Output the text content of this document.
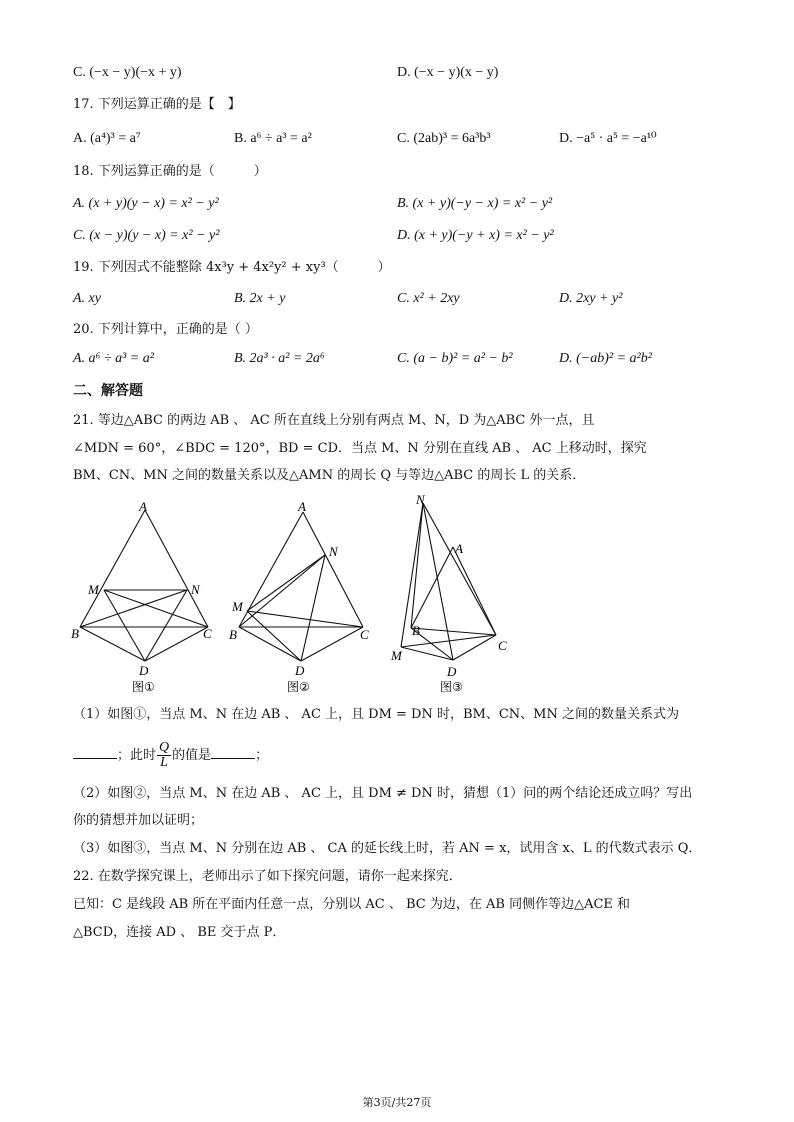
C. (−x − y)(−x + y)	D. (−x − y)(x − y)
17. 下列运算正确的是【　】
A. (a⁴)³ = a⁷	B. a⁶ ÷ a³ = a²	C. (2ab)³ = 6a³b³	D. −a⁵ · a⁵ = −a¹⁰
18. 下列运算正确的是（　　　）
A. (x + y)(y − x) = x² − y²	B. (x + y)(−y − x) = x² − y²
C. (x − y)(y − x) = x² − y²	D. (x + y)(−y + x) = x² − y²
19. 下列因式不能整除 4x³y + 4x²y² + xy³（　　　）
A. xy	B. 2x + y	C. x² + 2xy	D. 2xy + y²
20. 下列计算中，正确的是（ ）
A. a⁶ ÷ a³ = a²	B. 2a³ · a² = 2a⁶	C. (a − b)² = a² − b²	D. (−ab)² = a²b²
二、解答题
21. 等边△ABC 的两边 AB 、 AC 所在直线上分别有两点 M、N，D 为△ABC 外一点，且
∠MDN = 60°，∠BDC = 120°，BD = CD．当点 M、N 分别在直线 AB 、 AC 上移动时，探究
BM、CN、MN 之间的数量关系以及△AMN 的周长 Q 与等边△ABC 的周长 L 的关系．
A
M	N
B	C
D
图①
A
N
M
B	C
D
图②
N
A
B
C
M
D
图③
（1）如图①，当点 M、N 在边 AB 、 AC 上，且 DM = DN 时，BM、CN、MN 之间的数量关系式为
；此时 $\frac{Q}{L}$ 的值是	；
（2）如图②，当点 M、N 在边 AB 、 AC 上，且 DM ≠ DN 时，猜想（1）问的两个结论还成立吗？写出
你的猜想并加以证明；
（3）如图③，当点 M、N 分别在边 AB 、 CA 的延长线上时，若 AN = x，试用含 x、L 的代数式表示 Q．
22. 在数学探究课上，老师出示了如下探究问题，请你一起来探究．
已知：C 是线段 AB 所在平面内任意一点，分别以 AC 、 BC 为边，在 AB 同侧作等边△ACE 和
△BCD，连接 AD 、 BE 交于点 P．
第3页/共27页
